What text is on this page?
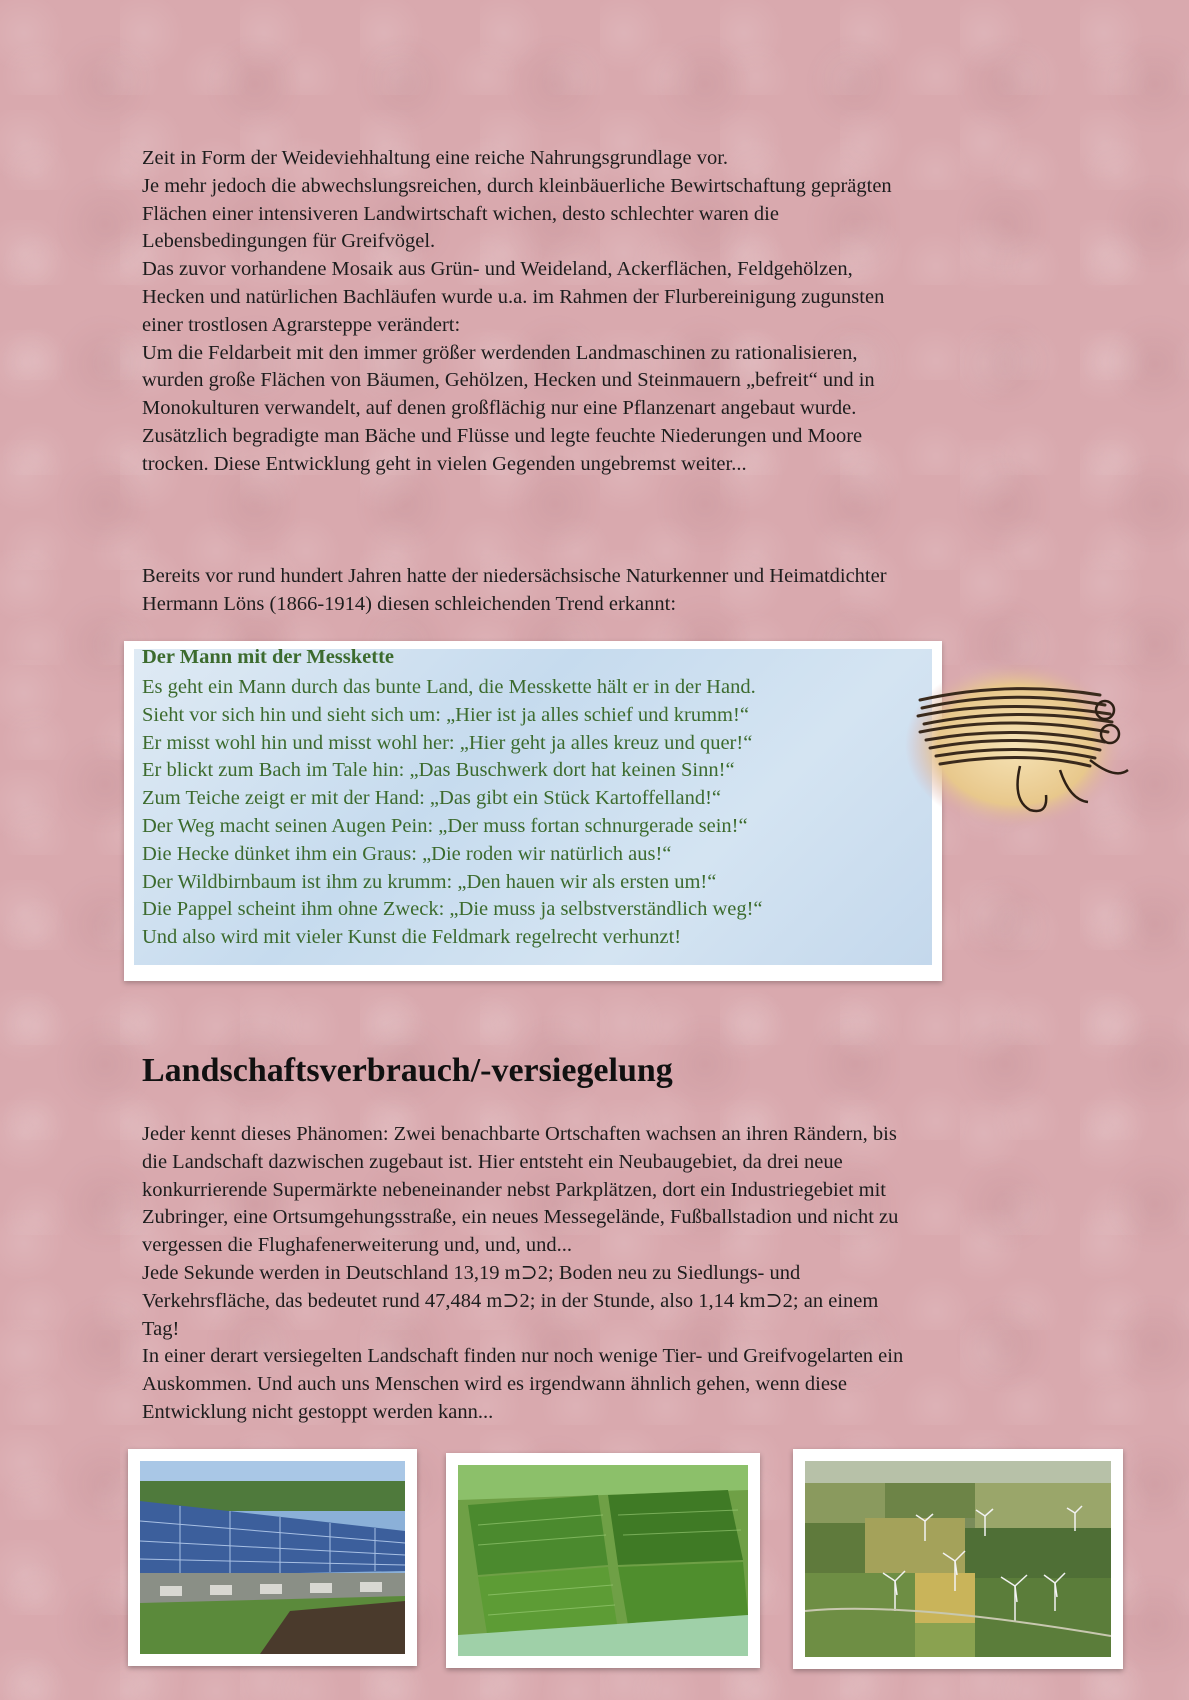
Zeit in Form der Weideviehhaltung eine reiche Nahrungsgrundlage vor.

Je mehr jedoch die abwechslungsreichen, durch kleinbäuerliche Bewirtschaftung geprägten

Flächen einer intensiveren Landwirtschaft wichen, desto schlechter waren die

Lebensbedingungen für Greifvögel.

Das zuvor vorhandene Mosaik aus Grün- und Weideland, Ackerflächen, Feldgehölzen,

Hecken und natürlichen Bachläufen wurde u.a. im Rahmen der Flurbereinigung zugunsten

einer trostlosen Agrarsteppe verändert:

Um die Feldarbeit mit den immer größer werdenden Landmaschinen zu rationalisieren,

wurden große Flächen von Bäumen, Gehölzen, Hecken und Steinmauern „befreit“ und in

Monokulturen verwandelt, auf denen großflächig nur eine Pflanzenart angebaut wurde.

Zusätzlich begradigte man Bäche und Flüsse und legte feuchte Niederungen und Moore

trocken. Diese Entwicklung geht in vielen Gegenden ungebremst weiter...

Bereits vor rund hundert Jahren hatte der niedersächsische Naturkenner und Heimatdichter

Hermann Löns (1866-1914) diesen schleichenden Trend erkannt:

Der Mann mit der Messkette

Es geht ein Mann durch das bunte Land, die Messkette hält er in der Hand.
Sieht vor sich hin und sieht sich um: „Hier ist ja alles schief und krumm!“
Er misst wohl hin und misst wohl her: „Hier geht ja alles kreuz und quer!“
Er blickt zum Bach im Tale hin: „Das Buschwerk dort hat keinen Sinn!“
Zum Teiche zeigt er mit der Hand: „Das gibt ein Stück Kartoffelland!“
Der Weg macht seinen Augen Pein: „Der muss fortan schnurgerade sein!“
Die Hecke dünket ihm ein Graus: „Die roden wir natürlich aus!“
Der Wildbirnbaum ist ihm zu krumm: „Den hauen wir als ersten um!“
Die Pappel scheint ihm ohne Zweck: „Die muss ja selbstverständlich weg!“
Und also wird mit vieler Kunst die Feldmark regelrecht verhunzt!
Landschaftsverbrauch/-versiegelung

Jeder kennt dieses Phänomen: Zwei benachbarte Ortschaften wachsen an ihren Rändern, bis

die Landschaft dazwischen zugebaut ist. Hier entsteht ein Neubaugebiet, da drei neue

konkurrierende Supermärkte nebeneinander nebst Parkplätzen, dort ein Industriegebiet mit

Zubringer, eine Ortsumgehungsstraße, ein neues Messegelände, Fußballstadion und nicht zu

vergessen die Flughafenerweiterung und, und, und...

Jede Sekunde werden in Deutschland 13,19 m⊃2; Boden neu zu Siedlungs- und

Verkehrsfläche, das bedeutet rund 47,484 m⊃2; in der Stunde, also 1,14 km⊃2; an einem

Tag!

In einer derart versiegelten Landschaft finden nur noch wenige Tier- und Greifvogelarten ein

Auskommen. Und auch uns Menschen wird es irgendwann ähnlich gehen, wenn diese

Entwicklung nicht gestoppt werden kann...
